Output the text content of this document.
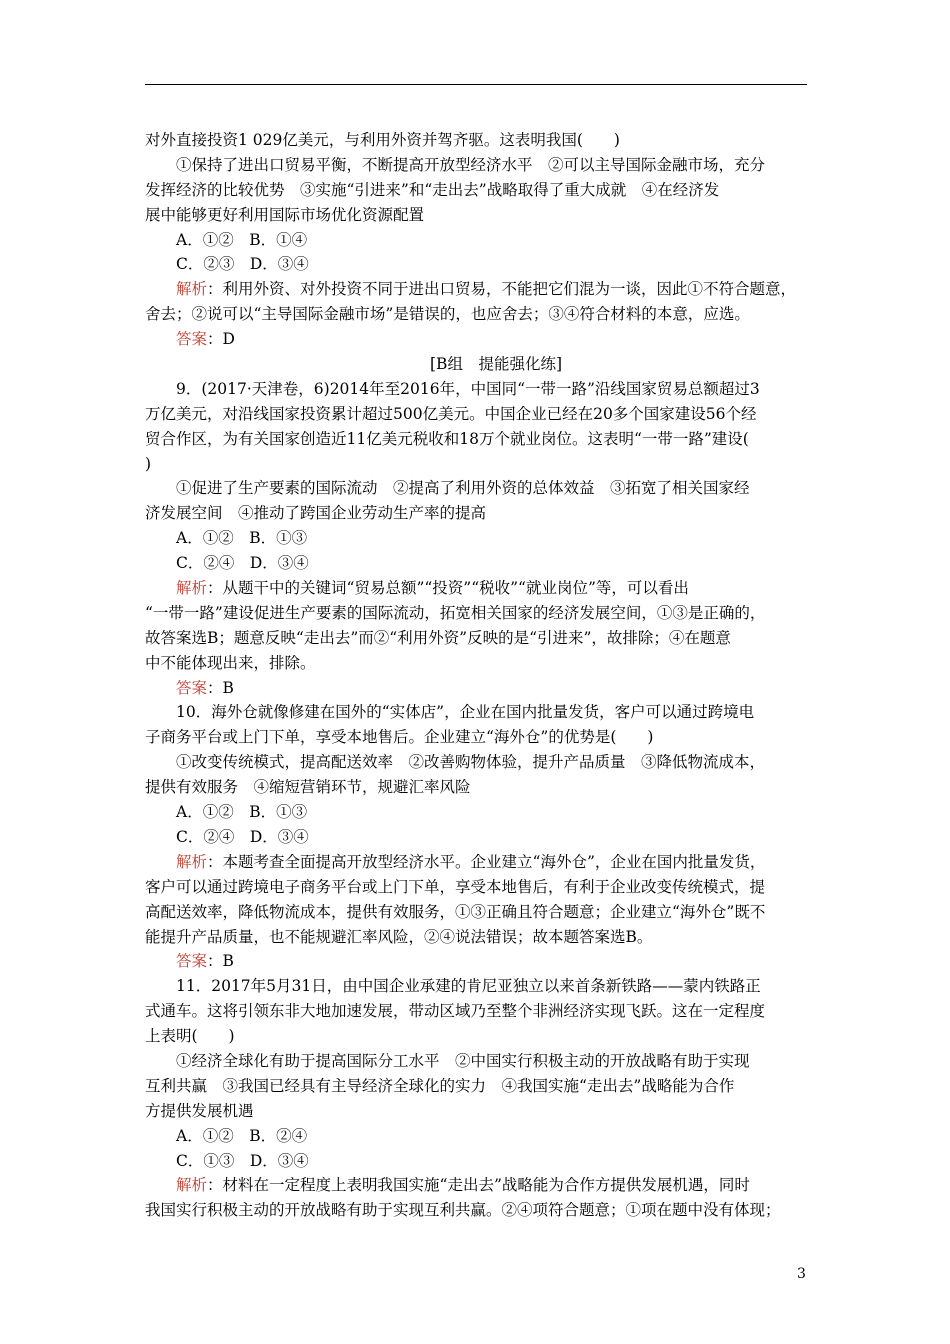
对外直接投资1 029亿美元，与利用外资并驾齐驱。这表明我国(　　)
①保持了进出口贸易平衡，不断提高开放型经济水平　②可以主导国际金融市场，充分
发挥经济的比较优势　③实施“引进来”和“走出去”战略取得了重大成就　④在经济发
展中能够更好利用国际市场优化资源配置
A．①②　B．①④
C．②③　D．③④
解析：利用外资、对外投资不同于进出口贸易，不能把它们混为一谈，因此①不符合题意，
舍去；②说可以“主导国际金融市场”是错误的，也应舍去；③④符合材料的本意，应选。
答案：D
[B组　提能强化练]
9．(2017·天津卷，6)2014年至2016年，中国同“一带一路”沿线国家贸易总额超过3
万亿美元，对沿线国家投资累计超过500亿美元。中国企业已经在20多个国家建设56个经
贸合作区，为有关国家创造近11亿美元税收和18万个就业岗位。这表明“一带一路”建设(
)
①促进了生产要素的国际流动　②提高了利用外资的总体效益　③拓宽了相关国家经
济发展空间　④推动了跨国企业劳动生产率的提高
A．①②　B．①③
C．②④　D．③④
解析：从题干中的关键词“贸易总额”“投资”“税收”“就业岗位”等，可以看出
“一带一路”建设促进生产要素的国际流动，拓宽相关国家的经济发展空间，①③是正确的，
故答案选B；题意反映“走出去”而②“利用外资”反映的是“引进来”，故排除；④在题意
中不能体现出来，排除。
答案：B
10．海外仓就像修建在国外的“实体店”，企业在国内批量发货，客户可以通过跨境电
子商务平台或上门下单，享受本地售后。企业建立“海外仓”的优势是(　　)
①改变传统模式，提高配送效率　②改善购物体验，提升产品质量　③降低物流成本，
提供有效服务　④缩短营销环节，规避汇率风险
A．①②　B．①③
C．②④　D．③④
解析：本题考查全面提高开放型经济水平。企业建立“海外仓”，企业在国内批量发货，
客户可以通过跨境电子商务平台或上门下单，享受本地售后，有利于企业改变传统模式，提
高配送效率，降低物流成本，提供有效服务，①③正确且符合题意；企业建立“海外仓”既不
能提升产品质量，也不能规避汇率风险，②④说法错误；故本题答案选B。
答案：B
11．2017年5月31日，由中国企业承建的肯尼亚独立以来首条新铁路——蒙内铁路正
式通车。这将引领东非大地加速发展，带动区域乃至整个非洲经济实现飞跃。这在一定程度
上表明(　　)
①经济全球化有助于提高国际分工水平　②中国实行积极主动的开放战略有助于实现
互利共赢　③我国已经具有主导经济全球化的实力　④我国实施“走出去”战略能为合作
方提供发展机遇
A．①②　B．②④
C．①③　D．③④
解析：材料在一定程度上表明我国实施“走出去”战略能为合作方提供发展机遇，同时
我国实行积极主动的开放战略有助于实现互利共赢。②④项符合题意；①项在题中没有体现；
3
